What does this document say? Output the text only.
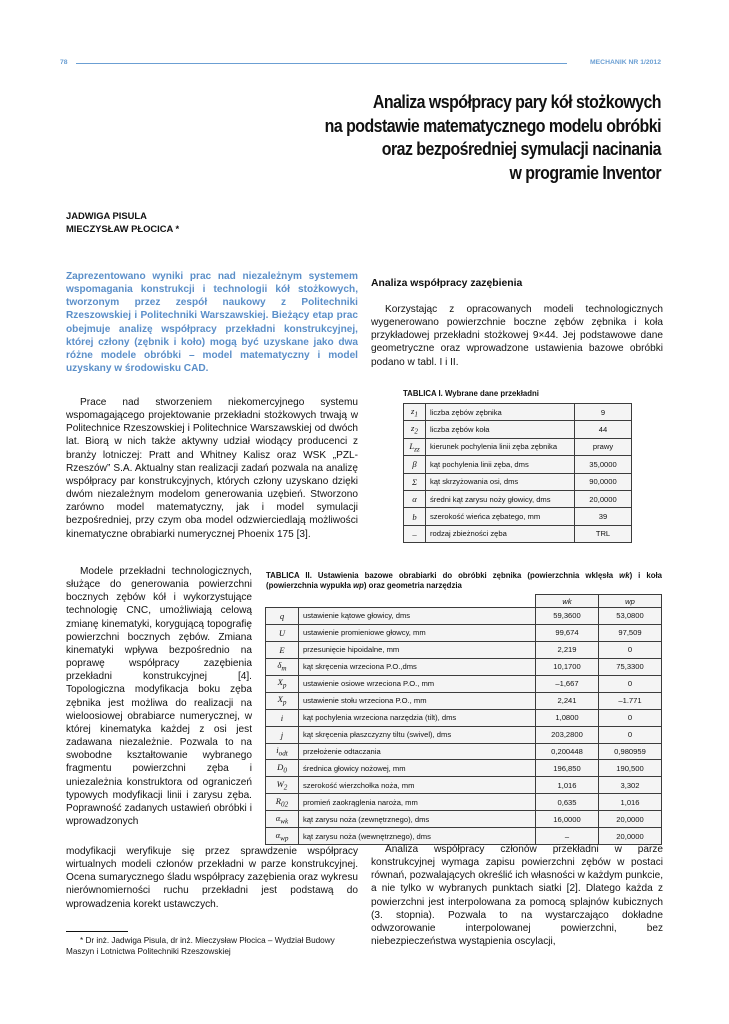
78	MECHANIK NR 1/2012
Analiza współpracy pary kół stożkowych
na podstawie matematycznego modelu obróbki
oraz bezpośredniej symulacji nacinania
w programie Inventor
JADWIGA PISULA
MIECZYSŁAW PŁOCICA *
Zaprezentowano wyniki prac nad niezależnym systemem wspomagania konstrukcji i technologii kół stożkowych, tworzonym przez zespół naukowy z Politechniki Rzeszowskiej i Politechniki Warszawskiej. Bieżący etap prac obejmuje analizę współpracy przekładni konstrukcyjnej, której człony (zębnik i koło) mogą być uzyskane jako dwa różne modele obróbki – model matematyczny i model uzyskany w środowisku CAD.
Prace nad stworzeniem niekomercyjnego systemu wspomagającego projektowanie przekładni stożkowych trwają w Politechnice Rzeszowskiej i Politechnice Warszawskiej od dwóch lat. Biorą w nich także aktywny udział wiodący producenci z branży lotniczej: Pratt and Whitney Kalisz oraz WSK „PZL-Rzeszów” S.A. Aktualny stan realizacji zadań pozwala na analizę współpracy par konstrukcyjnych, których człony uzyskano dzięki dwóm niezależnym modelom generowania uzębień. Stworzono zarówno model matematyczny, jak i model symulacji bezpośredniej, przy czym oba model odzwierciedlają możliwości kinematyczne obrabiarki numerycznej Phoenix 175 [3].
Modele przekładni technologicznych, służące do generowania powierzchni bocznych zębów kół i wykorzystujące technologię CNC, umożliwiają celową zmianę kinematyki, korygującą topografię powierzchni bocznych zębów. Zmiana kinematyki wpływa bezpośrednio na poprawę współpracy zazębienia przekładni konstrukcyjnej [4]. Topologiczna modyfikacja boku zęba zębnika jest możliwa do realizacji na wieloosiowej obrabiarce numerycznej, w której kinematyka każdej z osi jest zadawana niezależnie. Pozwala to na swobodne kształtowanie wybranego fragmentu powierzchni zęba i uniezależnia konstruktora od ograniczeń typowych modyfikacji linii i zarysu zęba. Poprawność zadanych ustawień obróbki i wprowadzonych
modyfikacji weryfikuje się przez sprawdzenie współpracy wirtualnych modeli członów przekładni w parze konstrukcyjnej. Ocena sumarycznego śladu współpracy zazębienia oraz wykresu nierównomierności ruchu przekładni jest podstawą do wprowadzenia korekt ustawczych.
Analiza współpracy zazębienia
Korzystając z opracowanych modeli technologicznych wygenerowano powierzchnie boczne zębów zębnika i koła przykładowej przekładni stożkowej 9×44. Jej podstawowe dane geometryczne oraz wprowadzone ustawienia bazowe obróbki podano w tabl. I i II.
TABLICA I. Wybrane dane przekładni
$z_1$	liczba zębów zębnika	9
$z_2$	liczba zębów koła	44
$L_{zz}$	kierunek pochylenia linii zęba zębnika	prawy
β	kąt pochylenia linii zęba, dms	35,0000
Σ	kąt skrzyżowania osi, dms	90,0000
α	średni kąt zarysu noży głowicy, dms	20,0000
b	szerokość wieńca zębatego, mm	39
–	rodzaj zbieżności zęba	TRL
TABLICA II. Ustawienia bazowe obrabiarki do obróbki zębnika (powierzchnia wklęsła wk) i koła (powierzchnia wypukła wp) oraz geometria narzędzia
		wk	wp
q	ustawienie kątowe głowicy, dms	59,3600	53,0800
U	ustawienie promieniowe głowcy, mm	99,674	97,509
E	przesunięcie hipoidalne, mm	2,219	0
$\delta_m$	kąt skręcenia wrzeciona P.O.,dms	10,1700	75,3300
$X_p$	ustawienie osiowe wrzeciona P.O., mm	–1,667	0
$X_p$	ustawienie stołu wrzeciona P.O., mm	2,241	–1.771
i	kąt pochylenia wrzeciona narzędzia (tilt), dms	1,0800	0
j	kąt skręcenia płaszczyzny tiltu (swivel), dms	203,2800	0
$i_{odt}$	przełożenie odtaczania	0,200448	0,980959
$D_0$	średnica głowicy nożowej, mm	196,850	190,500
$W_2$	szerokość wierzchołka noża, mm	1,016	3,302
$R_{02}$	promień zaokrąglenia naroża, mm	0,635	1,016
$\alpha_{wk}$	kąt zarysu noża (zewnętrznego), dms	16,0000	20,0000
$\alpha_{wp}$	kąt zarysu noża (wewnętrznego), dms	–	20,0000
Analiza współpracy członów przekładni w parze konstrukcyjnej wymaga zapisu powierzchni zębów w postaci równań, pozwalających określić ich własności w każdym punkcie, a nie tylko w wybranych punktach siatki [2]. Dlatego każda z powierzchni jest interpolowana za pomocą splajnów kubicznych (3. stopnia). Pozwala to na wystarczająco dokładne odwzorowanie interpolowanej powierzchni, bez niebezpieczeństwa wystąpienia oscylacji,
* Dr inż. Jadwiga Pisula, dr inż. Mieczysław Płocica – Wydział Budowy Maszyn i Lotnictwa Politechniki Rzeszowskiej
